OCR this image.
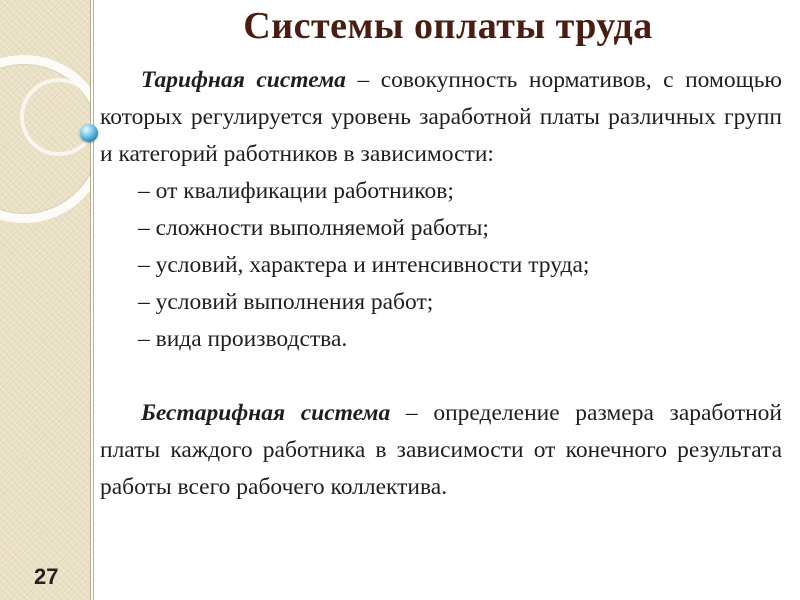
27
Системы оплаты труда

Тарифная система – совокупность нормативов, с помощью которых регулируется уровень заработной платы различных групп и категорий работников в зависимости:

– от квалификации работников;
– сложности выполняемой работы;
– условий, характера и интенсивности труда;
– условий выполнения работ;
– вида производства.

Бестарифная система – определение размера заработной платы каждого работника в зависимости от конечного результата работы всего рабочего коллектива.
